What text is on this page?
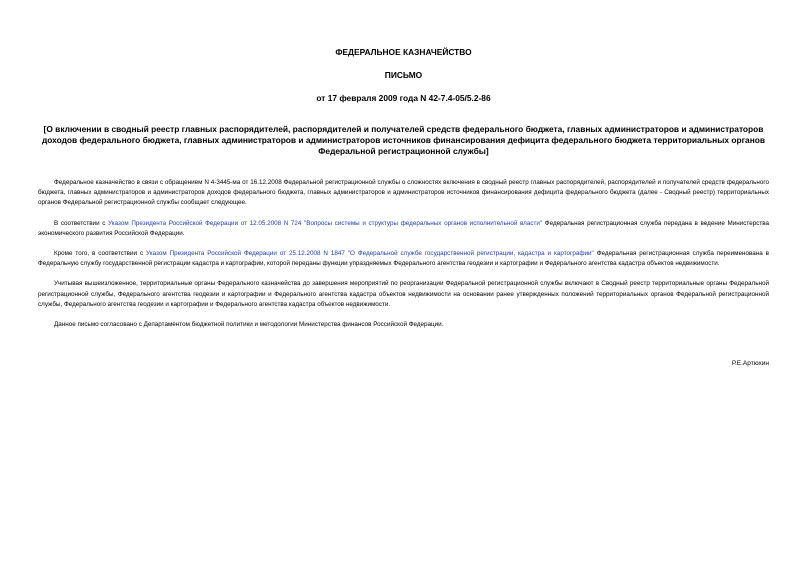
ФЕДЕРАЛЬНОЕ КАЗНАЧЕЙСТВО
ПИСЬМО
от 17 февраля 2009 года N 42-7.4-05/5.2-86
[О включении в сводный реестр главных распорядителей, распорядителей и получателей средств федерального бюджета, главных администраторов и администраторов доходов федерального бюджета, главных администраторов и администраторов источников финансирования дефицита федерального бюджета территориальных органов Федеральной регистрационной службы]

Федеральное казначейство в связи с обращением N 4-3445-ма от 16.12.2008 Федеральной регистрационной службы о сложностях включения в сводный реестр главных распорядителей, распорядителей и получателей средств федерального бюджета, главных администраторов и администраторов доходов федерального бюджета, главных администраторов и администраторов источников финансирования дефицита федерального бюджета (далее - Сводный реестр) территориальных органов Федеральной регистрационной службы сообщает следующее.

В соответствии с Указом Президента Российской Федерации от 12.05.2008 N 724 "Вопросы системы и структуры федеральных органов исполнительной власти" Федеральная регистрационная служба передана в ведение Министерства экономического развития Российской Федерации.

Кроме того, в соответствии с Указом Президента Российской Федерации от 25.12.2008 N 1847 "О Федеральной службе государственной регистрации, кадастра и картографии" Федеральная регистрационная служба переименована в Федеральную службу государственной регистрации кадастра и картографии, которой переданы функции упраздняемых Федерального агентства геодезии и картографии и Федерального агентства кадастра объектов недвижимости.

Учитывая вышеизложенное, территориальные органы Федерального казначейства до завершения мероприятий по реорганизации Федеральной регистрационной службы включают в Сводный реестр территориальные органы Федеральной регистрационной службы, Федерального агентства геодезии и картографии и Федерального агентства кадастра объектов недвижимости на основании ранее утвержденных положений территориальных органов Федеральной регистрационной службы, Федерального агентства геодезии и картографии и Федерального агентства кадастра объектов недвижимости.

Данное письмо согласовано с Департаментом бюджетной политики и методологии Министерства финансов Российской Федерации.

Р.Е.Артюхин
